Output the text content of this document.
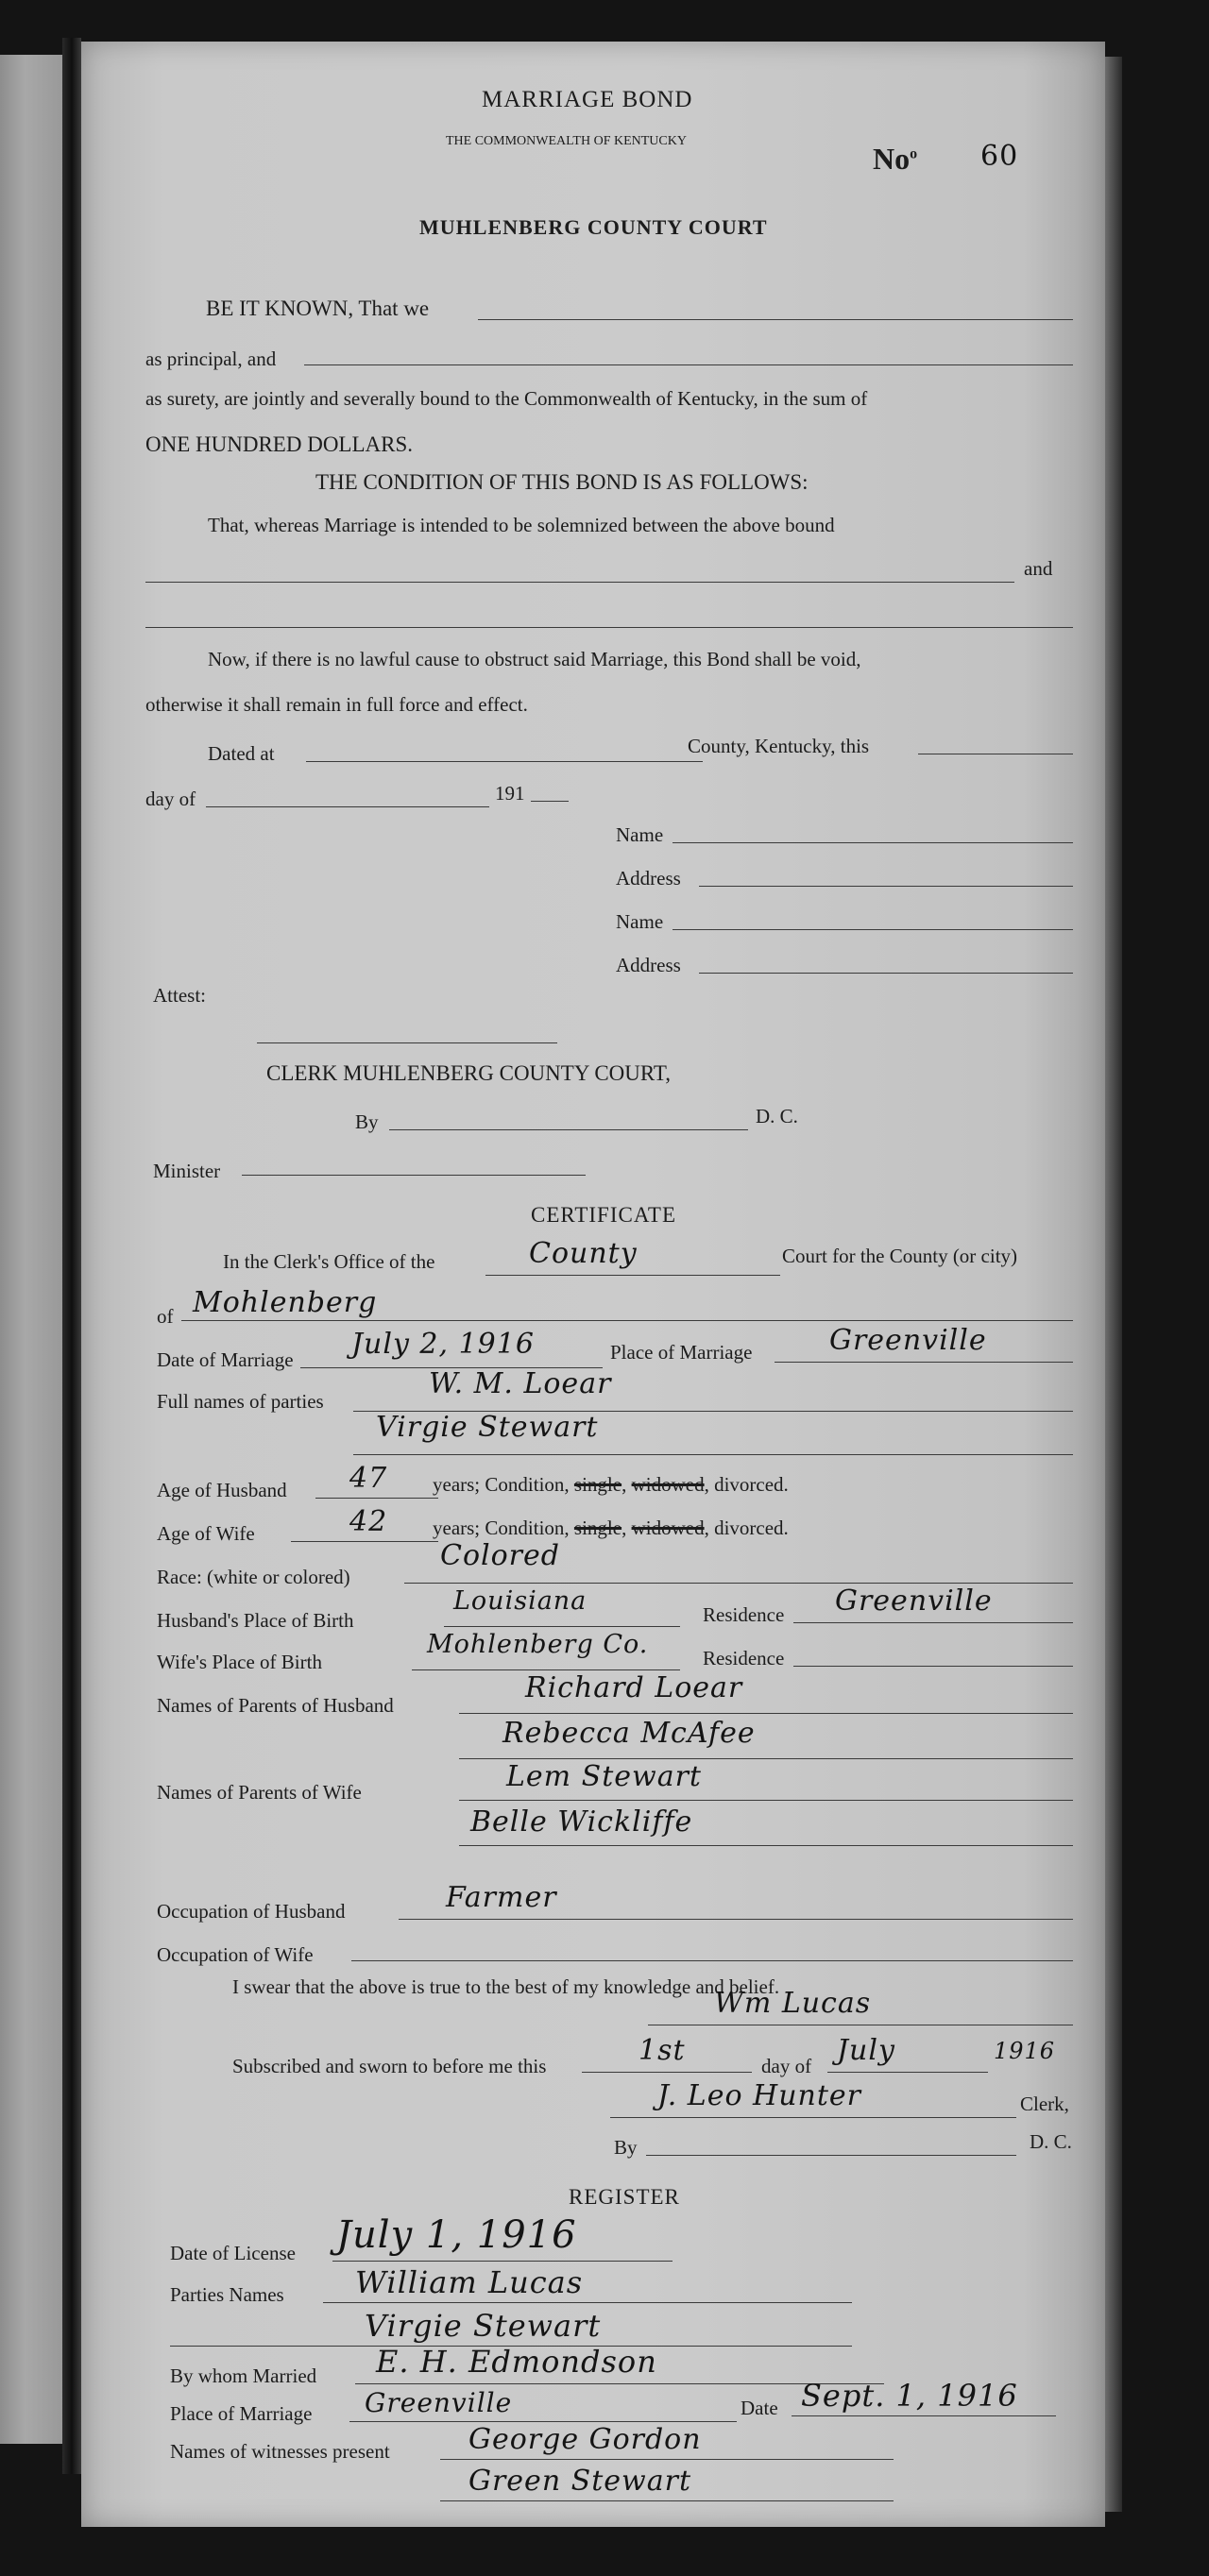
MARRIAGE BOND
THE COMMONWEALTH OF KENTUCKY
No$^o$ 60
MUHLENBERG COUNTY COURT
BE IT KNOWN, That we
as principal, and
as surety, are jointly and severally bound to the Commonwealth of Kentucky, in the sum of
ONE HUNDRED DOLLARS.
THE CONDITION OF THIS BOND IS AS FOLLOWS:
That, whereas Marriage is intended to be solemnized between the above bound
and
Now, if there is no lawful cause to obstruct said Marriage, this Bond shall be void,
otherwise it shall remain in full force and effect.
Dated at	County, Kentucky, this
day of	191
Name
Address
Name
Address
Attest:
CLERK MUHLENBERG COUNTY COURT,
By	D. C.
Minister
CERTIFICATE
In the Clerk's Office of the	County	Court for the County (or city)
of Mohlenberg
Date of Marriage July 2, 1916	Place of Marriage	Greenville
Full names of parties
W. M. Loear
Virgie Stewart
Age of Husband 47 years; Condition, single, widowed, divorced.
Age of Wife	42 years; Condition, single, widowed, divorced.
Race: (white or colored)
Colored
Husband's Place of Birth
Louisiana	Residence Greenville
Wife's Place of Birth
Mohlenberg Co.	Residence
Names of Parents of Husband
Richard Loear
Rebecca McAfee
Names of Parents of Wife	Lem Stewart
Belle Wickliffe
Occupation of Husband	Farmer
Occupation of Wife
I swear that the above is true to the best of my knowledge and belief.
Wm Lucas
Subscribed and sworn to before me this	1st	day of July	1916
J. Leo Hunter	Clerk,
By	D. C.
REGISTER
Date of License July 1, 1916
Parties Names William Lucas
Virgie Stewart
By whom Married E. H. Edmondson
Place of Marriage Greenville	Date Sept. 1, 1916
Names of witnesses present	George Gordon
Green Stewart
